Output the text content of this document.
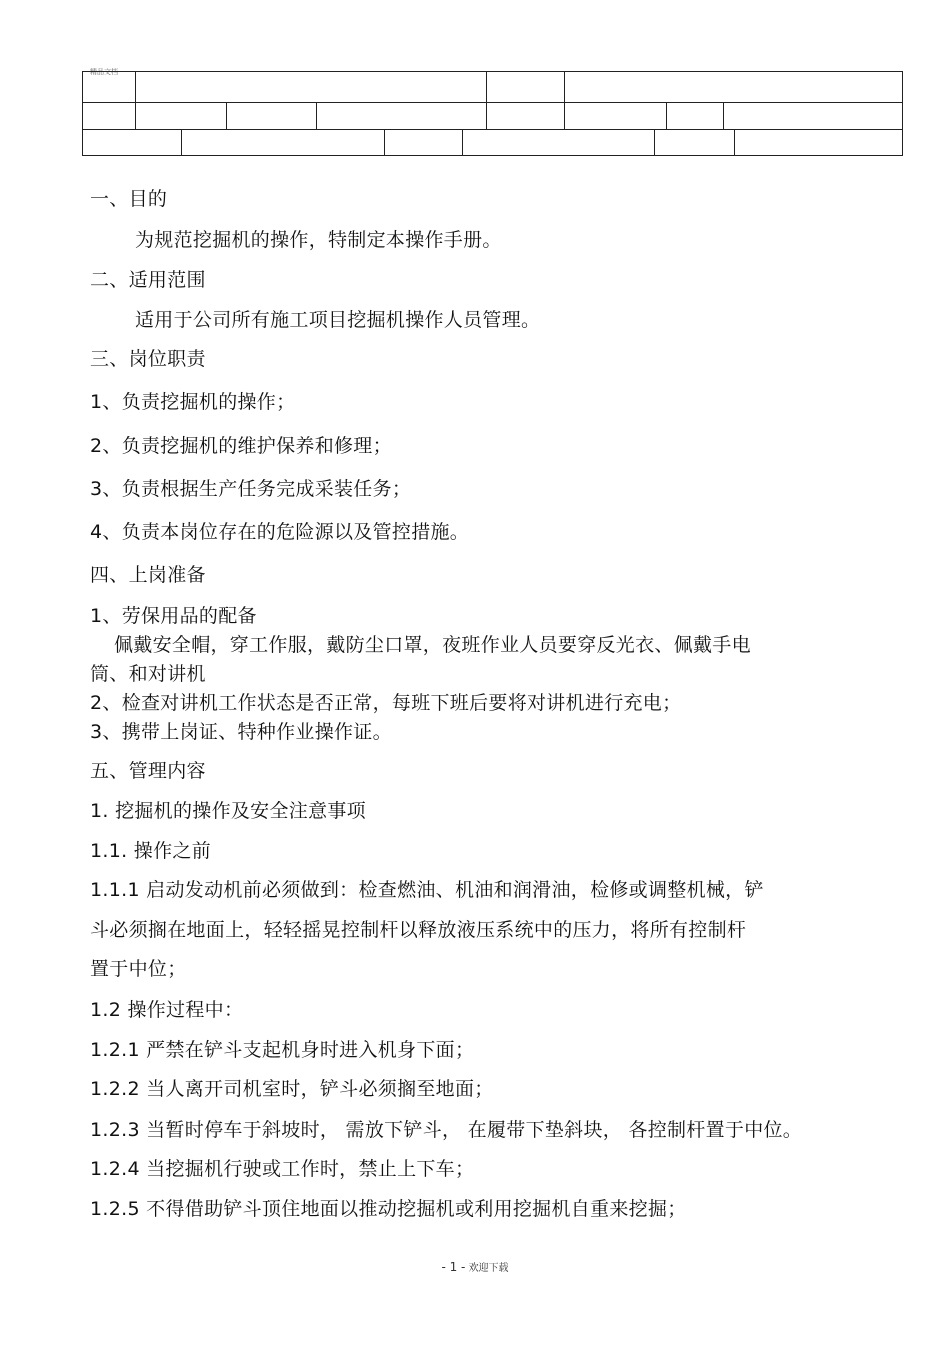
精品文档
一、目的
为规范挖掘机的操作，特制定本操作手册。
二、适用范围
适用于公司所有施工项目挖掘机操作人员管理。
三、岗位职责
1、负责挖掘机的操作；
2、负责挖掘机的维护保养和修理；
3、负责根据生产任务完成采装任务；
4、负责本岗位存在的危险源以及管控措施。
四、上岗准备
1、劳保用品的配备
佩戴安全帽，穿工作服，戴防尘口罩，夜班作业人员要穿反光衣、佩戴手电
筒、和对讲机
2、检查对讲机工作状态是否正常，每班下班后要将对讲机进行充电；
3、携带上岗证、特种作业操作证。
五、管理内容
1. 挖掘机的操作及安全注意事项
1.1. 操作之前
1.1.1 启动发动机前必须做到：检查燃油、机油和润滑油，检修或调整机械，铲
斗必须搁在地面上，轻轻摇晃控制杆以释放液压系统中的压力，将所有控制杆
置于中位；
1.2 操作过程中：
1.2.1 严禁在铲斗支起机身时进入机身下面；
1.2.2 当人离开司机室时，铲斗必须搁至地面；
1.2.3 当暂时停车于斜坡时， 需放下铲斗， 在履带下垫斜块， 各控制杆置于中位。
1.2.4 当挖掘机行驶或工作时，禁止上下车；
1.2.5 不得借助铲斗顶住地面以推动挖掘机或利用挖掘机自重来挖掘；
- 1 - 欢迎下载
